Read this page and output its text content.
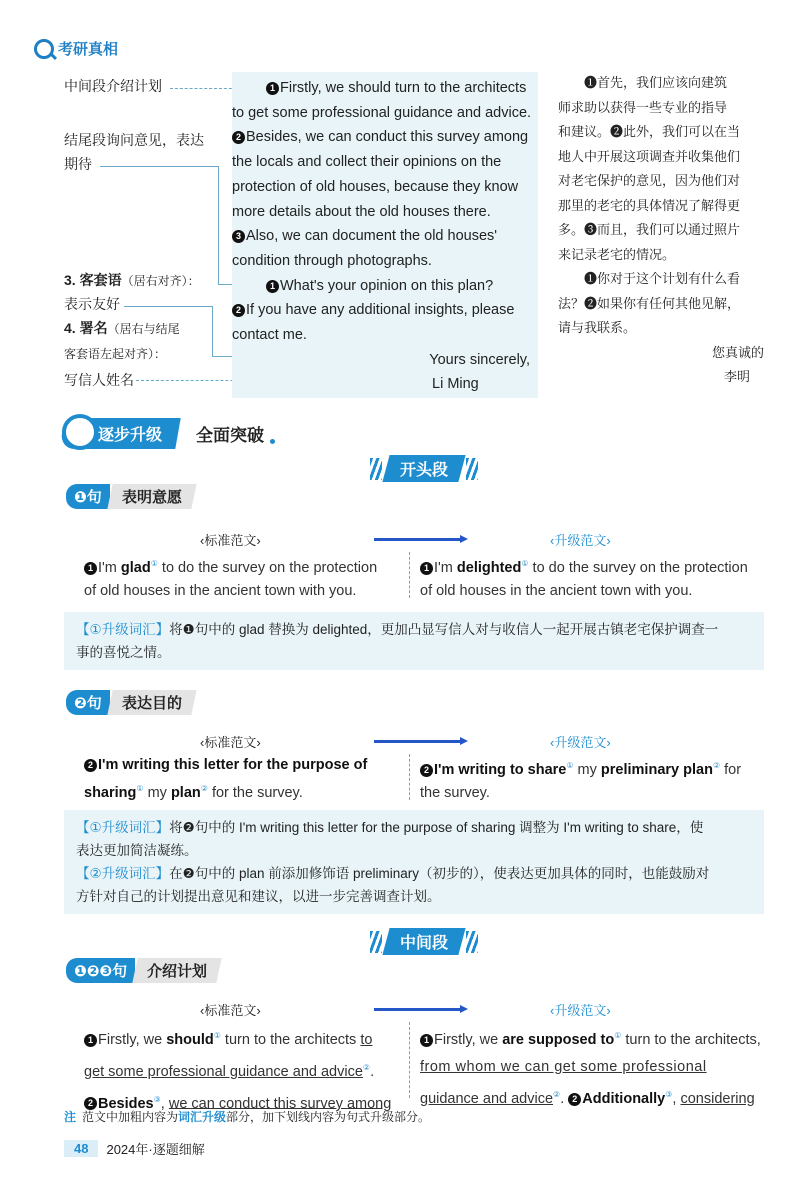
考研真相
中间段介绍计划
结尾段询问意见，表达
期待
3. 客套语（居右对齐）：
表示友好
4. 署名（居右与结尾
客套语左起对齐）：
写信人姓名
1 Firstly, we should turn to the architects
to get some professional guidance and advice.
2 Besides, we can conduct this survey among
the locals and collect their opinions on the
protection of old houses, because they know
more details about the old houses there.
3 Also, we can document the old houses'
condition through photographs.
1 What's your opinion on this plan?
2 If you have any additional insights, please
contact me.
Yours sincerely,
Li Ming
❶首先，我们应该向建筑
师求助以获得一些专业的指导
和建议。❷此外，我们可以在当
地人中开展这项调查并收集他们
对老宅保护的意见，因为他们对
那里的老宅的具体情况了解得更
多。❸而且，我们可以通过照片
来记录老宅的情况。
❶你对于这个计划有什么看
法？❷如果你有任何其他见解，
请与我联系。
您真诚的
李明
逐步升级	全面突破
开头段
❶句	表明意愿
‹标准范文›	‹升级范文›
1 I'm glad① to do the survey on the protection
of old houses in the ancient town with you.
1 I'm delighted① to do the survey on the protection
of old houses in the ancient town with you.
【①升级词汇】将❶句中的 glad 替换为 delighted，更加凸显写信人对与收信人一起开展古镇老宅保护调查一
事的喜悦之情。
❷句	表达目的
‹标准范文›	‹升级范文›
2 I'm writing this letter for the purpose of
sharing① my plan② for the survey.
2 I'm writing to share① my preliminary plan② for
the survey.
【①升级词汇】将❷句中的 I'm writing this letter for the purpose of sharing 调整为 I'm writing to share，使
表达更加简洁凝练。
【②升级词汇】在❷句中的 plan 前添加修饰语 preliminary（初步的），使表达更加具体的同时，也能鼓励对
方针对自己的计划提出意见和建议，以进一步完善调查计划。
中间段
❶❷❸句	介绍计划
‹标准范文›	‹升级范文›
1 Firstly, we should① turn to the architects to
get some professional guidance and advice②.
2 Besides③, we can conduct this survey among
1 Firstly, we are supposed to① turn to the architects,
from whom we can get some professional
guidance and advice②. 2 Additionally③, considering
注 范文中加粗内容为词汇升级部分，加下划线内容为句式升级部分。
48	2024年·逐题细解
